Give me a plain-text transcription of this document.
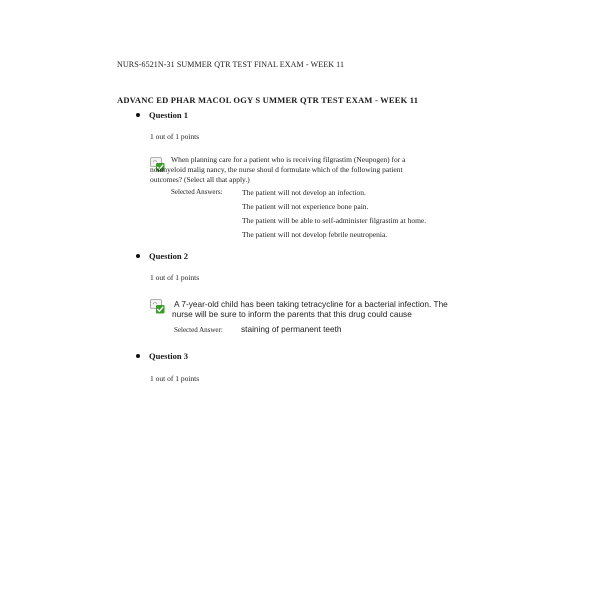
NURS-6521N-31 SUMMER QTR TEST FINAL EXAM - WEEK 11
ADVANC ED PHAR MACOL OGY S UMMER QTR TEST EXAM - WEEK 11
Question 1
1 out of 1 points
When planning care for a patient who is receiving filgrastim (Neupogen) for a
nonmyeloid malig nancy, the nurse shoul d formulate which of the following patient
outcomes? (Select all that apply.)
Selected Answers:	The patient will not develop an infection.
The patient will not experience bone pain.
The patient will be able to self-administer filgrastim at home.
The patient will not develop febrile neutropenia.
Question 2
1 out of 1 points
A 7-year-old child has been taking tetracycline for a bacterial infection. The
nurse will be sure to inform the parents that this drug could cause
Selected Answer: staining of permanent teeth
Question 3
1 out of 1 points
